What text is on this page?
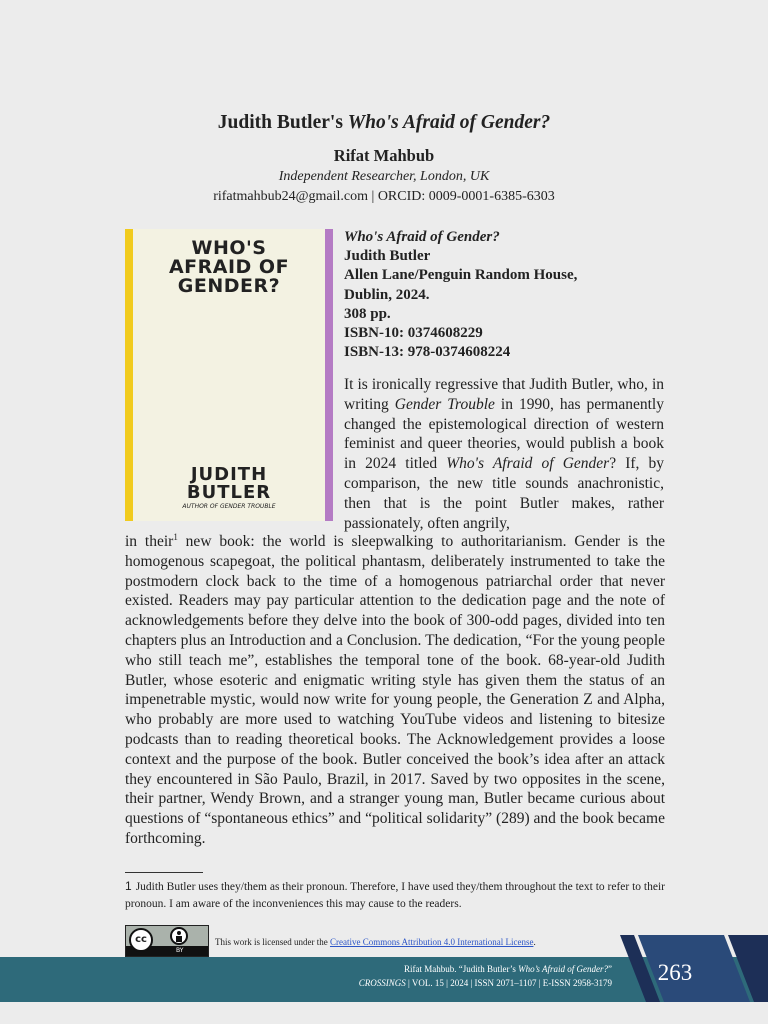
Judith Butler's Who's Afraid of Gender?
Rifat Mahbub
Independent Researcher, London, UK
rifatmahbub24@gmail.com | ORCID: 0009-0001-6385-6303
WHO'S
AFRAID OF
GENDER?
JUDITH
BUTLER
AUTHOR OF GENDER TROUBLE
Who's Afraid of Gender?
Judith Butler
Allen Lane/Penguin Random House,
Dublin, 2024.
308 pp.
ISBN-10: 0374608229
ISBN-13: 978-0374608224
It is ironically regressive that Judith Butler, who, in writing Gender Trouble in 1990, has permanently changed the epistemological direction of western feminist and queer theories, would publish a book in 2024 titled Who's Afraid of Gender? If, by comparison, the new title sounds anachronistic, then that is the point Butler makes, rather passionately, often angrily,
in their$^1$ new book: the world is sleepwalking to authoritarianism. Gender is the homogenous scapegoat, the political phantasm, deliberately instrumented to take the postmodern clock back to the time of a homogenous patriarchal order that never existed. Readers may pay particular attention to the dedication page and the note of acknowledgements before they delve into the book of 300-odd pages, divided into ten chapters plus an Introduction and a Conclusion. The dedication, “For the young people who still teach me”, establishes the temporal tone of the book. 68-year-old Judith Butler, whose esoteric and enigmatic writing style has given them the status of an impenetrable mystic, would now write for young people, the Generation Z and Alpha, who probably are more used to watching YouTube videos and listening to bitesize podcasts than to reading theoretical books. The Acknowledgement provides a loose context and the purpose of the book. Butler conceived the book’s idea after an attack they encountered in São Paulo, Brazil, in 2017. Saved by two opposites in the scene, their partner, Wendy Brown, and a stranger young man, Butler became curious about questions of “spontaneous ethics” and “political solidarity” (289) and the book became forthcoming.
1 Judith Butler uses they/them as their pronoun. Therefore, I have used they/them throughout the text to refer to their pronoun. I am aware of the inconveniences this may cause to the readers.
cc
BY
This work is licensed under the Creative Commons Attribution 4.0 International License.
Rifat Mahbub. “Judith Butler’s Who’s Afraid of Gender?”
CROSSINGS | VOL. 15 | 2024 | ISSN 2071–1107 | E-ISSN 2958-3179	263
